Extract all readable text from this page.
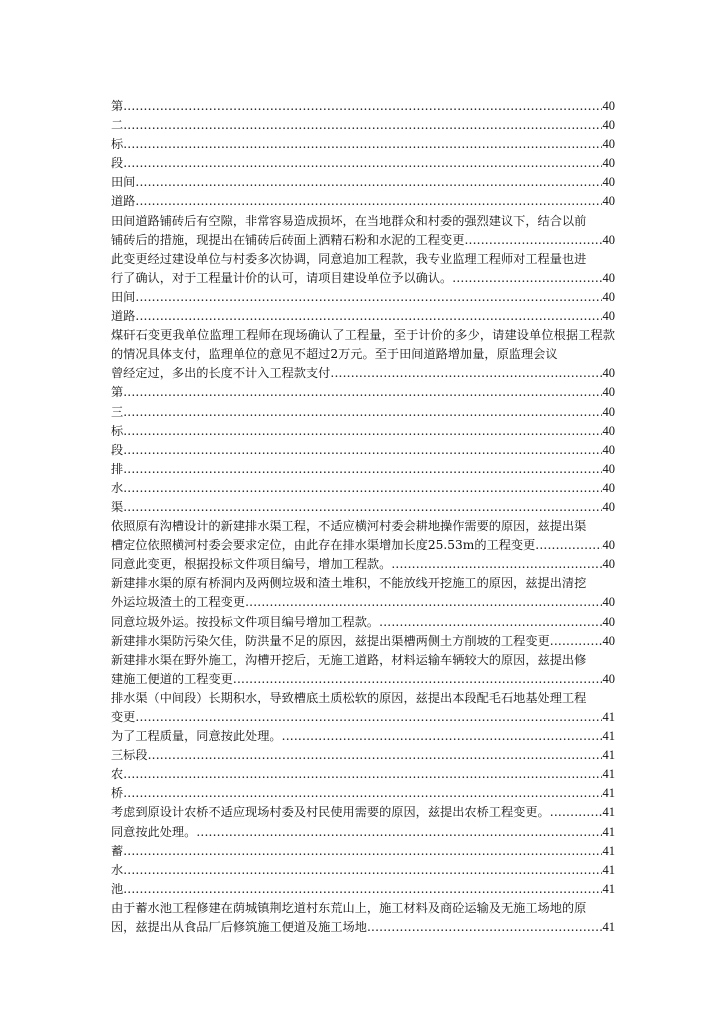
第 .....	40
二 .....	40
标 .....	40
段 .....	40
田间 .....	40
道路 .....	40
田间道路铺砖后有空隙，非常容易造成损坏，在当地群众和村委的强烈建议下，结合以前
铺砖后的措施，现提出在铺砖后砖面上洒精石粉和水泥的工程变更 .....	40
此变更经过建设单位与村委多次协调，同意追加工程款，我专业监理工程师对工程量也进
行了确认，对于工程量计价的认可，请项目建设单位予以确认。 .....	40
田间 .....	40
道路 .....	40
煤矸石变更我单位监理工程师在现场确认了工程量，至于计价的多少，请建设单位根据工程款的情况具体支付，监理单位的意见不超过2万元。至于田间道路增加量，原监理会议
曾经定过，多出的长度不计入工程款支付 .....	40
第 .....	40
三 .....	40
标 .....	40
段 .....	40
排 .....	40
水 .....	40
渠 .....	40
依照原有沟槽设计的新建排水渠工程，不适应横河村委会耕地操作需要的原因，兹提出渠
槽定位依照横河村委会要求定位，由此存在排水渠增加长度25.53m的工程变更 .....	40
同意此变更，根据投标文件项目编号，增加工程款。 .....	40
新建排水渠的原有桥洞内及两侧垃圾和渣土堆积，不能放线开挖施工的原因，兹提出清挖
外运垃圾渣土的工程变更 .....	40
同意垃圾外运。按投标文件项目编号增加工程款。 .....	40
新建排水渠防污染欠佳，防洪量不足的原因，兹提出渠槽两侧土方削坡的工程变更 .....	40
新建排水渠在野外施工，沟槽开挖后，无施工道路，材料运输车辆较大的原因，兹提出修
建施工便道的工程变更 .....	40
排水渠（中间段）长期积水，导致槽底土质松软的原因，兹提出本段配毛石地基处理工程
变更 .....	41
为了工程质量，同意按此处理。 .....	41
三标段 .....	41
农 .....	41
桥 .....	41
考虑到原设计农桥不适应现场村委及村民使用需要的原因，兹提出农桥工程变更。 .....	41
同意按此处理。 .....	41
蓄 .....	41
水 .....	41
池 .....	41
由于蓄水池工程修建在荫城镇荆圪道村东荒山上，施工材料及商砼运输及无施工场地的原
因，兹提出从食品厂后修筑施工便道及施工场地 .....	41
